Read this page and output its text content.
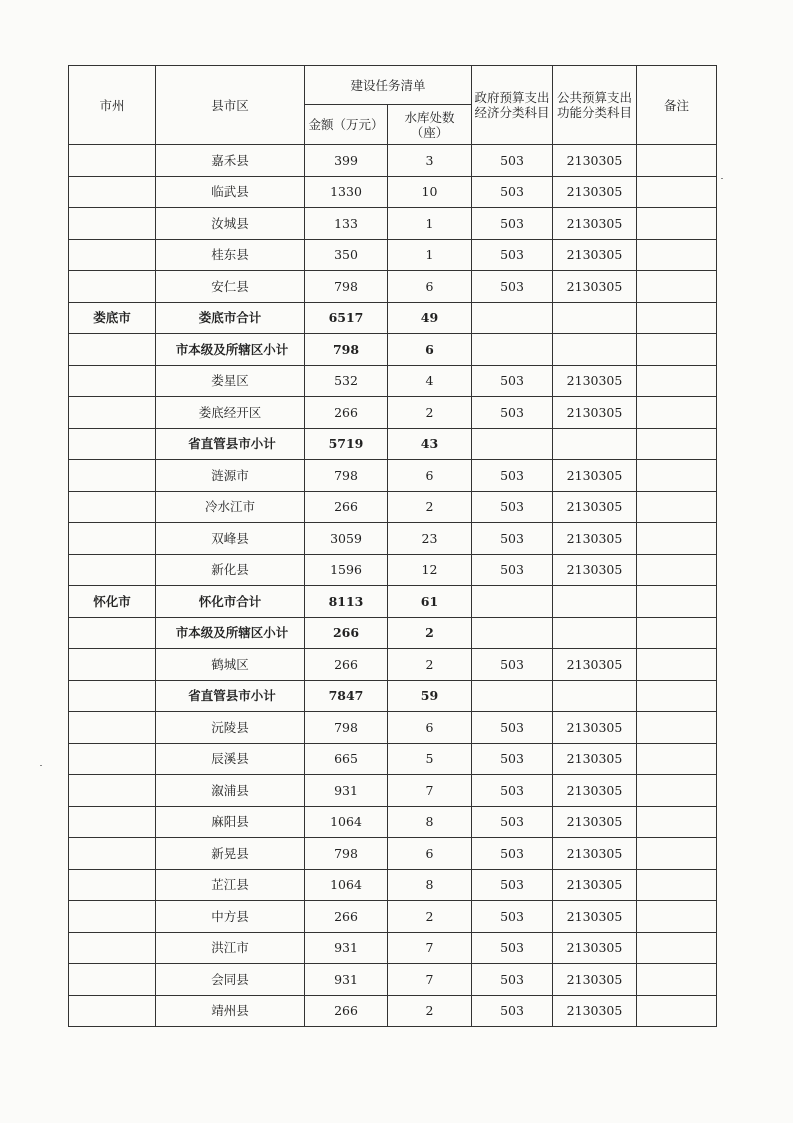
市州	县市区	建设任务清单		政府预算支出经济分类科目	公共预算支出功能分类科目	备注
		金额（万元）	水库处数（座）			
	嘉禾县	399	3	503	2130305	
	临武县	1330	10	503	2130305	
	汝城县	133	1	503	2130305	
	桂东县	350	1	503	2130305	
	安仁县	798	6	503	2130305	
娄底市	娄底市合计	6517	49			
	市本级及所辖区小计	798	6			
	娄星区	532	4	503	2130305	
	娄底经开区	266	2	503	2130305	
	省直管县市小计	5719	43			
	涟源市	798	6	503	2130305	
	冷水江市	266	2	503	2130305	
	双峰县	3059	23	503	2130305	
	新化县	1596	12	503	2130305	
怀化市	怀化市合计	8113	61			
	市本级及所辖区小计	266	2			
	鹤城区	266	2	503	2130305	
	省直管县市小计	7847	59			
	沅陵县	798	6	503	2130305	
	辰溪县	665	5	503	2130305	
	溆浦县	931	7	503	2130305	
	麻阳县	1064	8	503	2130305	
	新晃县	798	6	503	2130305	
	芷江县	1064	8	503	2130305	
	中方县	266	2	503	2130305	
	洪江市	931	7	503	2130305	
	会同县	931	7	503	2130305	
	靖州县	266	2	503	2130305	
